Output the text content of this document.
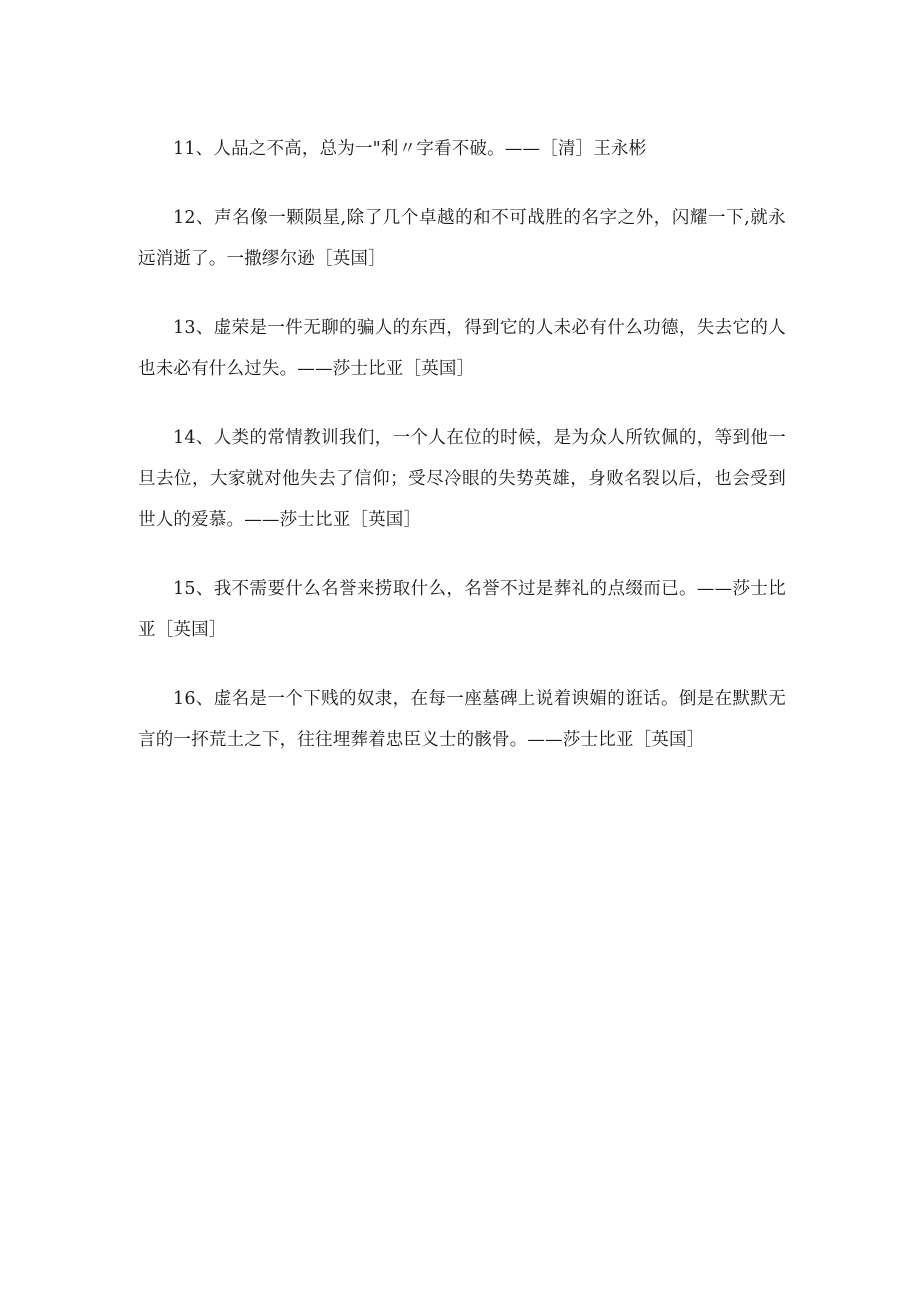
11、人品之不高，总为一"利〃字看不破。——［清］王永彬

12、声名像一颗陨星,除了几个卓越的和不可战胜的名字之外，闪耀一下,就永远消逝了。一撒缪尔逊［英国］

13、虚荣是一件无聊的骗人的东西，得到它的人未必有什么功德，失去它的人也未必有什么过失。——莎士比亚［英国］

14、人类的常情教训我们，一个人在位的时候，是为众人所钦佩的，等到他一旦去位，大家就对他失去了信仰；受尽冷眼的失势英雄，身败名裂以后，也会受到世人的爱慕。——莎士比亚［英国］

15、我不需要什么名誉来捞取什么，名誉不过是葬礼的点缀而已。——莎士比亚［英国］

16、虚名是一个下贱的奴隶，在每一座墓碑上说着谀媚的诳话。倒是在默默无言的一抔荒土之下，往往埋葬着忠臣义士的骸骨。——莎士比亚［英国］
